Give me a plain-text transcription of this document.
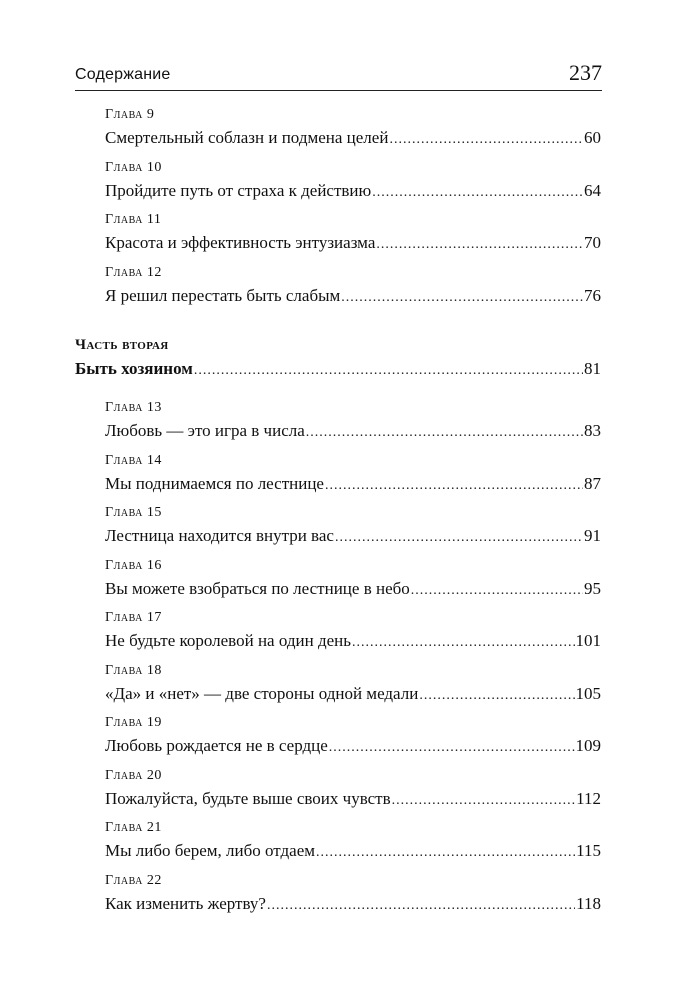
Содержание	237
Глава 9
Смертельный соблазн и подмена целей .....	60
Глава 10
Пройдите путь от страха к действию .....	64
Глава 11
Красота и эффективность энтузиазма .....	70
Глава 12
Я решил перестать быть слабым .....	76
Часть вторая
Быть хозяином .....	81
Глава 13
Любовь — это игра в числа .....	83
Глава 14
Мы поднимаемся по лестнице .....	87
Глава 15
Лестница находится внутри вас .....	91
Глава 16
Вы можете взобраться по лестнице в небо .....	95
Глава 17
Не будьте королевой на один день .....	101
Глава 18
«Да» и «нет» — две стороны одной медали .....	105
Глава 19
Любовь рождается не в сердце .....	109
Глава 20
Пожалуйста, будьте выше своих чувств .....	112
Глава 21
Мы либо берем, либо отдаем .....	115
Глава 22
Как изменить жертву? .....	118
